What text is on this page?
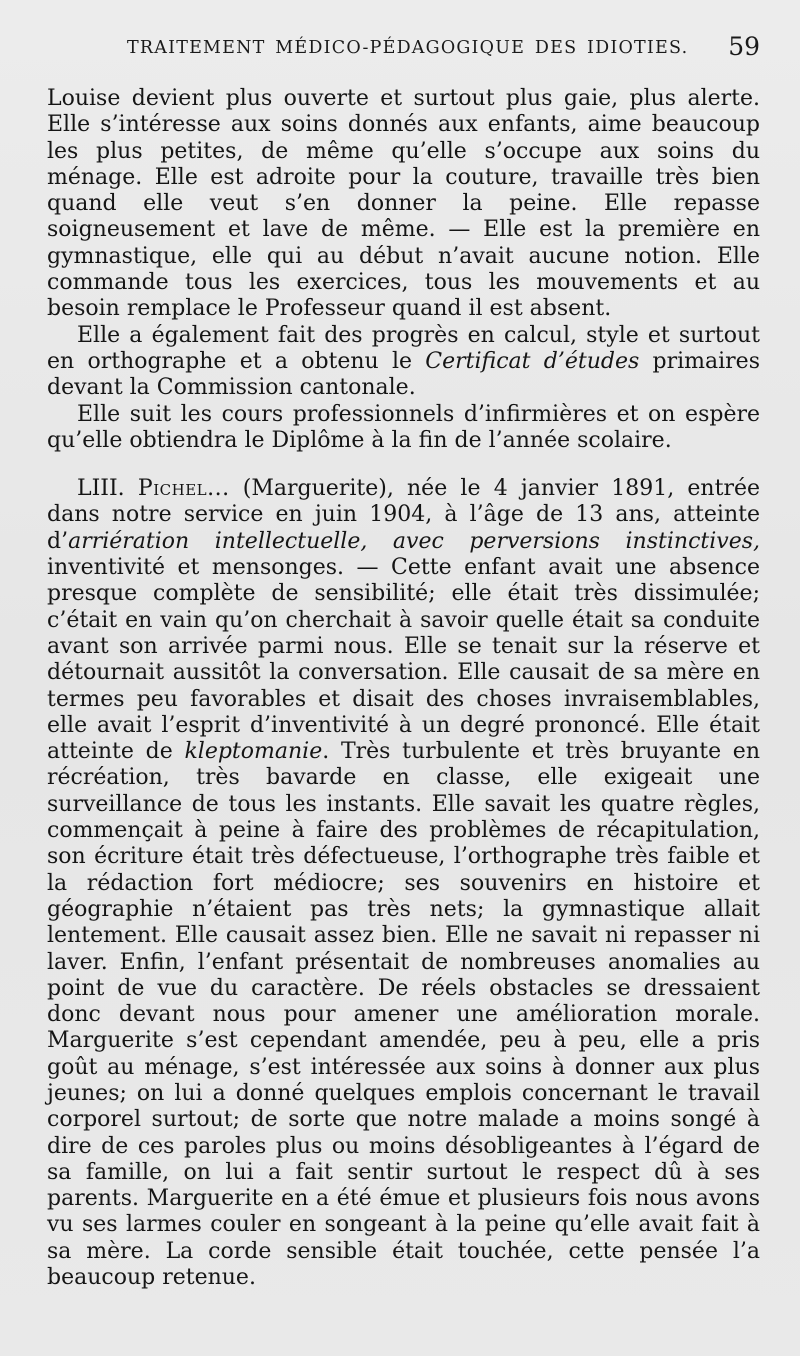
TRAITEMENT MÉDICO-PÉDAGOGIQUE DES IDIOTIES. 59

Louise devient plus ouverte et surtout plus gaie, plus alerte. Elle s’intéresse aux soins donnés aux enfants, aime beaucoup les plus petites, de même qu’elle s’occupe aux soins du ménage. Elle est adroite pour la couture, travaille très bien quand elle veut s’en donner la peine. Elle repasse soigneusement et lave de même. — Elle est la première en gymnastique, elle qui au début n’avait aucune notion. Elle commande tous les exercices, tous les mouvements et au besoin remplace le Professeur quand il est absent.

Elle a également fait des progrès en calcul, style et surtout en orthographe et a obtenu le Certificat d’études primaires devant la Commission cantonale.

Elle suit les cours professionnels d’infirmières et on espère qu’elle obtiendra le Diplôme à la fin de l’année scolaire.

LIII. Pichel... (Marguerite), née le 4 janvier 1891, entrée dans notre service en juin 1904, à l’âge de 13 ans, atteinte d’arriération intellectuelle, avec perversions instinctives, inventivité et mensonges. — Cette enfant avait une absence presque complète de sensibilité; elle était très dissimulée; c’était en vain qu’on cherchait à savoir quelle était sa conduite avant son arrivée parmi nous. Elle se tenait sur la réserve et détournait aussitôt la conversation. Elle causait de sa mère en termes peu favorables et disait des choses invraisemblables, elle avait l’esprit d’inventivité à un degré prononcé. Elle était atteinte de kleptomanie. Très turbulente et très bruyante en récréation, très bavarde en classe, elle exigeait une surveillance de tous les instants. Elle savait les quatre règles, commençait à peine à faire des problèmes de récapitulation, son écriture était très défectueuse, l’orthographe très faible et la rédaction fort médiocre; ses souvenirs en histoire et géographie n’étaient pas très nets; la gymnastique allait lentement. Elle causait assez bien. Elle ne savait ni repasser ni laver. Enfin, l’enfant présentait de nombreuses anomalies au point de vue du caractère. De réels obstacles se dressaient donc devant nous pour amener une amélioration morale. Marguerite s’est cependant amendée, peu à peu, elle a pris goût au ménage, s’est intéressée aux soins à donner aux plus jeunes; on lui a donné quelques emplois concernant le travail corporel surtout; de sorte que notre malade a moins songé à dire de ces paroles plus ou moins désobligeantes à l’égard de sa famille, on lui a fait sentir surtout le respect dû à ses parents. Marguerite en a été émue et plusieurs fois nous avons vu ses larmes couler en songeant à la peine qu’elle avait fait à sa mère. La corde sensible était touchée, cette pensée l’a beaucoup retenue.
